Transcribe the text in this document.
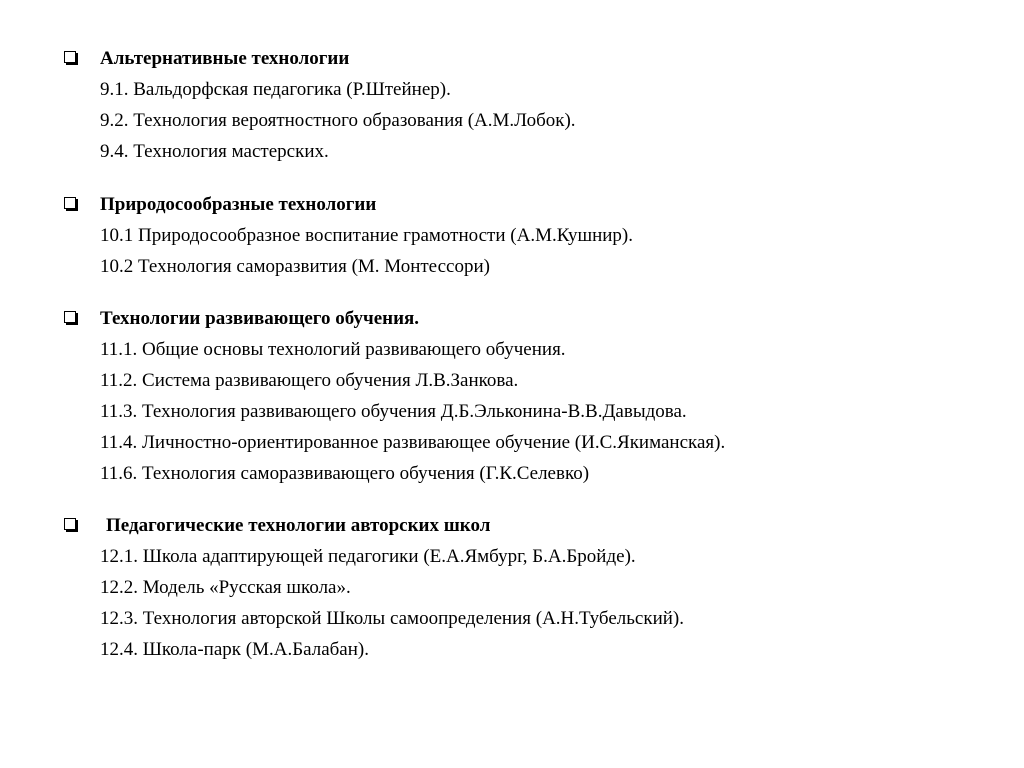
Альтернативные технологии
9.1. Вальдорфская педагогика (Р.Штейнер).
9.2. Технология вероятностного образования (А.М.Лобок).
9.4. Технология мастерских.
Природосообразные технологии
10.1 Природосообразное воспитание грамотности (А.М.Кушнир).
10.2 Технология саморазвития (М. Монтессори)
Технологии развивающего обучения.
11.1. Общие основы технологий развивающего обучения.
11.2. Система развивающего обучения Л.В.Занкова.
11.3. Технология развивающего обучения Д.Б.Эльконина-В.В.Давыдова.
11.4. Личностно-ориентированное развивающее обучение (И.С.Якиманская).
11.6. Технология саморазвивающего обучения (Г.К.Селевко)
Педагогические технологии авторских школ
12.1. Школа адаптирующей педагогики (Е.А.Ямбург, Б.А.Бройде).
12.2. Модель «Русская школа».
12.3. Технология авторской Школы самоопределения (А.Н.Тубельский).
12.4. Школа-парк (М.А.Балабан).
